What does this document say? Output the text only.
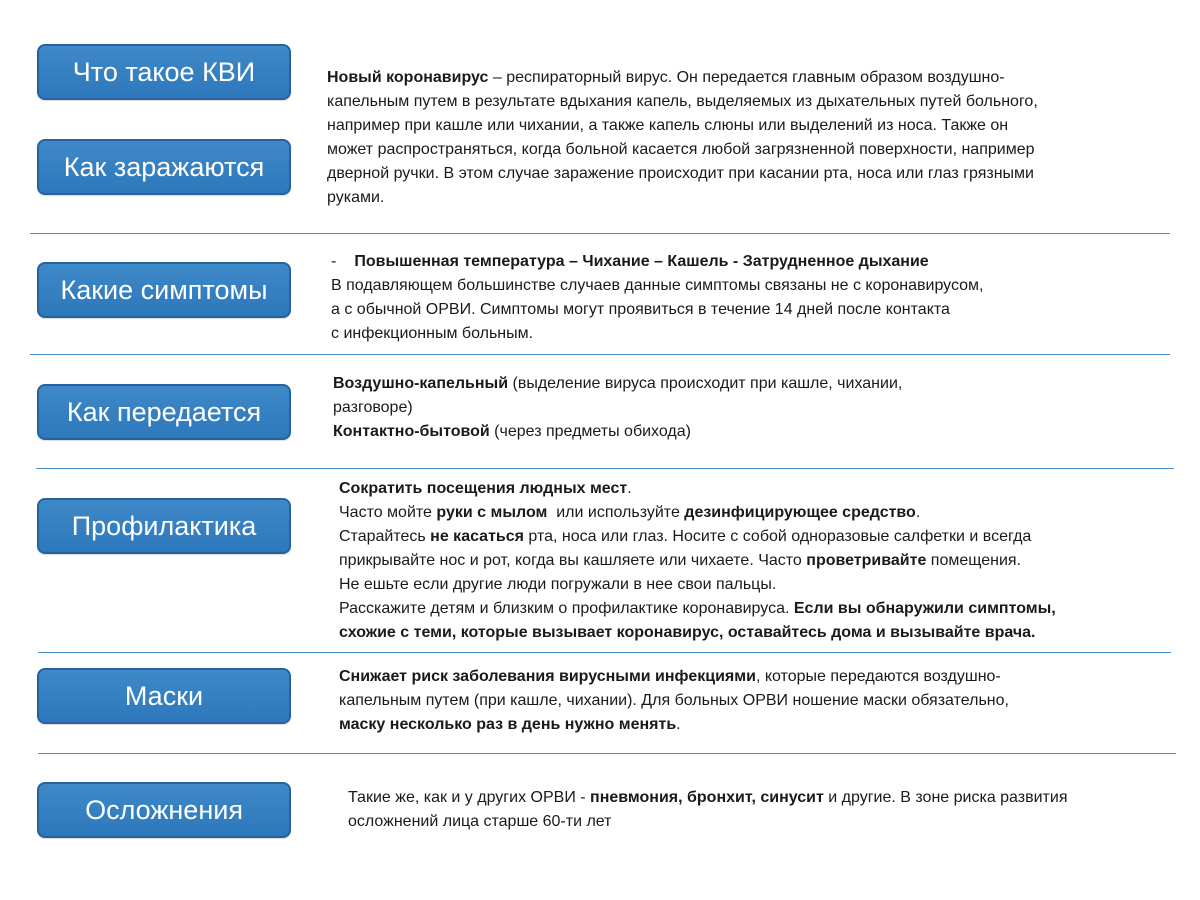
Что такое КВИ
Как заражаются
Какие симптомы
Как передается
Профилактика
Маски
Осложнения

Новый коронавирус – респираторный вирус. Он передается главным образом воздушно-

капельным путем в результате вдыхания капель, выделяемых из дыхательных путей больного,

например при кашле или чихании, а также капель слюны или выделений из носа. Также он

может распространяться, когда больной касается любой загрязненной поверхности, например

дверной ручки. В этом случае заражение происходит при касании рта, носа или глаз грязными

руками.

- Повышенная температура – Чихание – Кашель - Затрудненное дыхание

В подавляющем большинстве случаев данные симптомы связаны не с коронавирусом,

а с обычной ОРВИ. Симптомы могут проявиться в течение 14 дней после контакта

с инфекционным больным.

Воздушно-капельный (выделение вируса происходит при кашле, чихании,

разговоре)

Контактно-бытовой (через предметы обихода)

Сократить посещения людных мест.

Часто мойте руки с мылом  или используйте дезинфицирующее средство.

Старайтесь не касаться рта, носа или глаз. Носите с собой одноразовые салфетки и всегда

прикрывайте нос и рот, когда вы кашляете или чихаете. Часто проветривайте помещения.

Не ешьте если другие люди погружали в нее свои пальцы.

Расскажите детям и близким о профилактике коронавируса. Если вы обнаружили симптомы,

схожие с теми, которые вызывает коронавирус, оставайтесь дома и вызывайте врача.

Снижает риск заболевания вирусными инфекциями, которые передаются воздушно-

капельным путем (при кашле, чихании). Для больных ОРВИ ношение маски обязательно,

маску несколько раз в день нужно менять.

Такие же, как и у других ОРВИ - пневмония, бронхит, синусит и другие. В зоне риска развития

осложнений лица старше 60-ти лет
